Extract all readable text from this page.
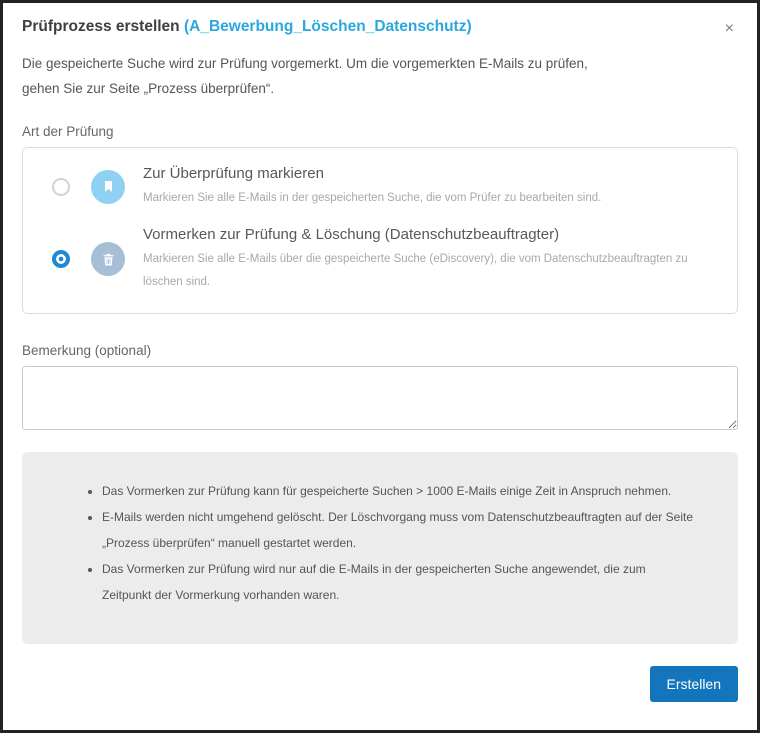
Prüfprozess erstellen (A_Bewerbung_Löschen_Datenschutz)	×

Die gespeicherte Suche wird zur Prüfung vorgemerkt. Um die vorgemerkten E-Mails zu prüfen,
gehen Sie zur Seite „Prozess überprüfen“.

Art der Prüfung
Zur Überprüfung markieren
Markieren Sie alle E-Mails in der gespeicherten Suche, die vom Prüfer zu bearbeiten sind.
Vormerken zur Prüfung & Löschung (Datenschutzbeauftragter)
Markieren Sie alle E-Mails über die gespeicherte Suche (eDiscovery), die vom Datenschutzbeauftragten zu löschen sind.
Bemerkung (optional)
• Das Vormerken zur Prüfung kann für gespeicherte Suchen > 1000 E-Mails einige Zeit in Anspruch nehmen.
• E-Mails werden nicht umgehend gelöscht. Der Löschvorgang muss vom Datenschutzbeauftragten auf der Seite „Prozess überprüfen“ manuell gestartet werden.
• Das Vormerken zur Prüfung wird nur auf die E-Mails in der gespeicherten Suche angewendet, die zum Zeitpunkt der Vormerkung vorhanden waren.
Erstellen
